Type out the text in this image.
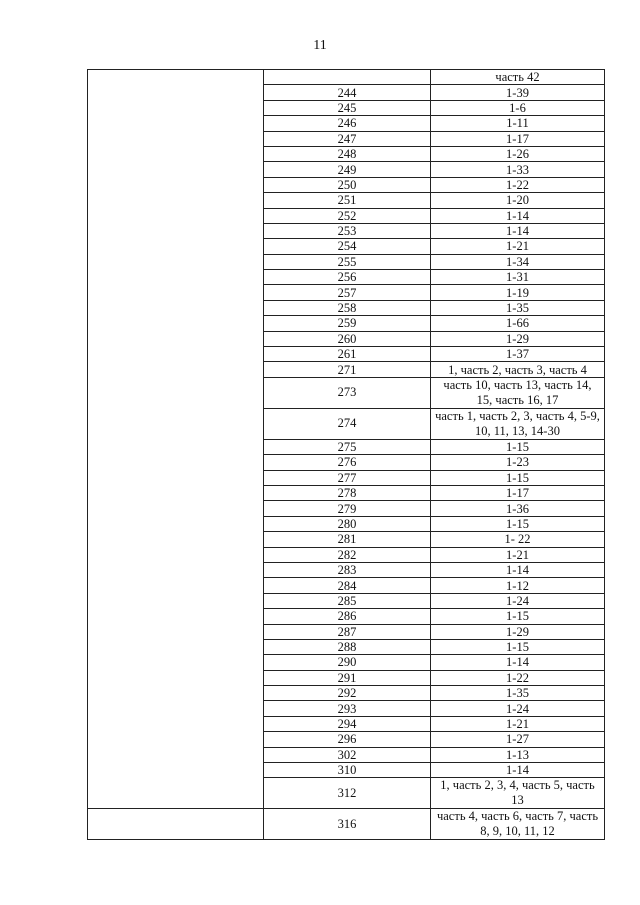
11
		часть 42
	244	1-39
	245	1-6
	246	1-11
	247	1-17
	248	1-26
	249	1-33
	250	1-22
	251	1-20
	252	1-14
	253	1-14
	254	1-21
	255	1-34
	256	1-31
	257	1-19
	258	1-35
	259	1-66
	260	1-29
	261	1-37
	271	1, часть 2, часть 3, часть 4
	273	часть 10, часть 13, часть 14, 15, часть 16, 17
	274	часть 1, часть 2, 3, часть 4, 5-9, 10, 11, 13, 14-30
	275	1-15
	276	1-23
	277	1-15
	278	1-17
	279	1-36
	280	1-15
	281	1- 22
	282	1-21
	283	1-14
	284	1-12
	285	1-24
	286	1-15
	287	1-29
	288	1-15
	290	1-14
	291	1-22
	292	1-35
	293	1-24
	294	1-21
	296	1-27
	302	1-13
	310	1-14
	312	1, часть 2, 3, 4, часть 5, часть 13
	316	часть 4, часть 6, часть 7, часть 8, 9, 10, 11, 12
